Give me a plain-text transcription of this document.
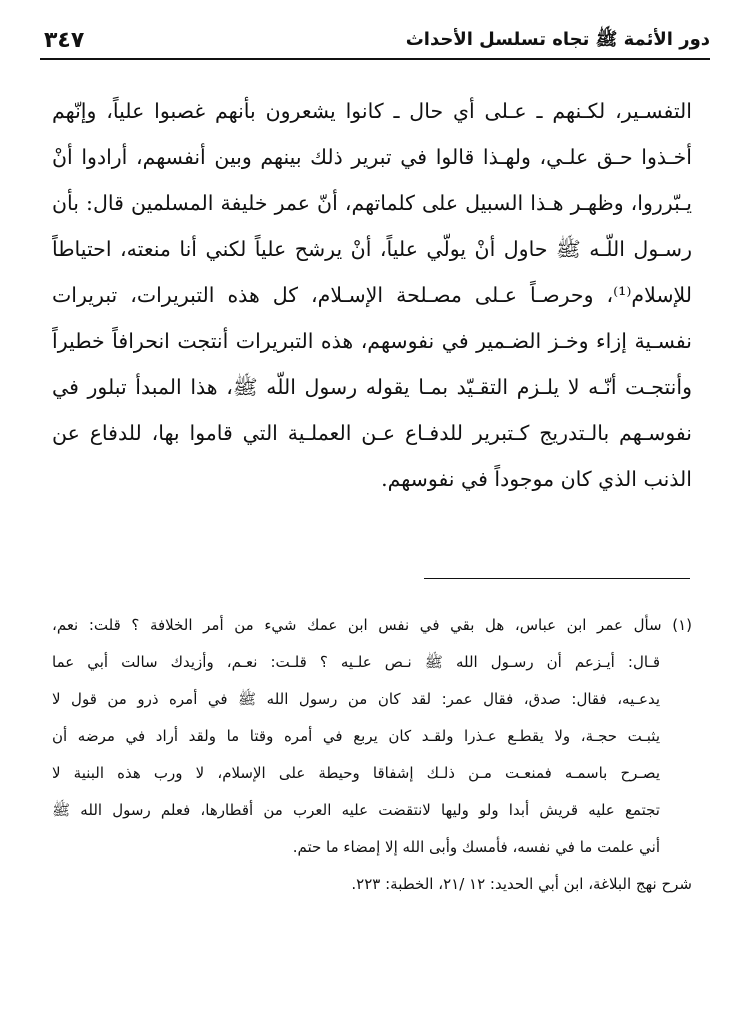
٣٤٧	دور الأئمة ﷺ تجاه تسلسل الأحداث
التفسـير، لكـنهم ـ عـلى أي حال ـ كانوا يشعرون بأنهم غصبوا علياً، وإنّهم
أخـذوا حـق علـي، ولهـذا قالوا في تبرير ذلك بينهم وبين أنفسهم، أرادوا أنْ
يـبّرروا، وظهـر هـذا السبيل على كلماتهم، أنّ عمر خليفة المسلمين قال: بأن
رسـول اللّـه ﷺ حاول أنْ يولّي علياً، أنْ يرشح علياً لكني أنا منعته، احتياطاً
للإسلام⁽¹⁾، وحرصـاً عـلى مصـلحة الإسـلام، كل هذه التبريرات، تبريرات
نفسـية إزاء وخـز الضـمير في نفوسهم، هذه التبريرات أنتجت انحرافاً خطيراً
وأنتجـت أنّـه لا يلـزم التقـيّد بمـا يقوله رسول اللّه ﷺ، هذا المبدأ تبلور في
نفوسـهم بالـتدريج كـتبرير للدفـاع عـن العملـية التي قاموا بها، للدفاع عن
الذنب الذي كان موجوداً في نفوسهم.
(١) سأل عمر ابن عباس، هل بقي في نفس ابن عمك شيء من أمر الخلافة ؟ قلت: نعم،
قـال: أيـزعم أن رسـول الله ﷺ نـص علـيه ؟ قلـت: نعـم، وأزيدك سالت أبي عما
يدعـيه، فقال: صدق، فقال عمر: لقد كان من رسول الله ﷺ في أمره ذرو من قول لا
يثبـت حجـة، ولا يقطـع عـذرا ولقـد كان يربع في أمره وقتا ما ولقد أراد في مرضه أن
يصـرح باسمـه فمنعـت مـن ذلـك إشفاقا وحيطة على الإسلام، لا ورب هذه البنية لا
تجتمع عليه قريش أبدا ولو وليها لانتقضت عليه العرب من أقطارها، فعلم رسول الله ﷺ
أني علمت ما في نفسه، فأمسك وأبى الله إلا إمضاء ما حتم.
شرح نهج البلاغة، ابن أبي الحديد: ١٢ /٢١، الخطبة: ٢٢٣.
